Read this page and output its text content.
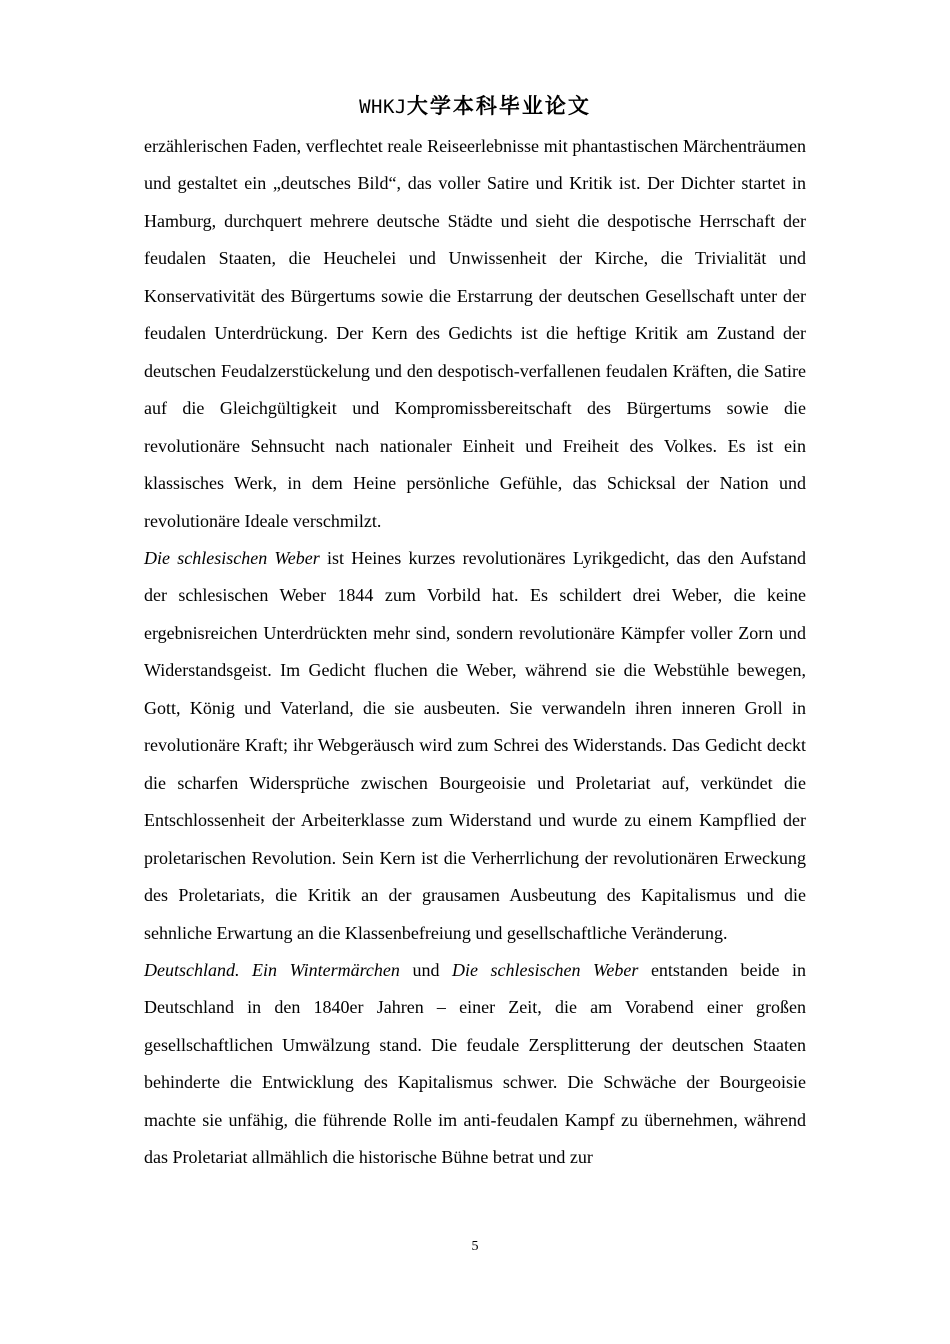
WHKJ大学本科毕业论文

erzählerischen Faden, verflechtet reale Reiseerlebnisse mit phantastischen Märchenträumen und gestaltet ein „deutsches Bild“, das voller Satire und Kritik ist. Der Dichter startet in Hamburg, durchquert mehrere deutsche Städte und sieht die despotische Herrschaft der feudalen Staaten, die Heuchelei und Unwissenheit der Kirche, die Trivialität und Konservativität des Bürgertums sowie die Erstarrung der deutschen Gesellschaft unter der feudalen Unterdrückung. Der Kern des Gedichts ist die heftige Kritik am Zustand der deutschen Feudalzerstückelung und den despotisch-verfallenen feudalen Kräften, die Satire auf die Gleichgültigkeit und Kompromissbereitschaft des Bürgertums sowie die revolutionäre Sehnsucht nach nationaler Einheit und Freiheit des Volkes. Es ist ein klassisches Werk, in dem Heine persönliche Gefühle, das Schicksal der Nation und revolutionäre Ideale verschmilzt.

Die schlesischen Weber ist Heines kurzes revolutionäres Lyrikgedicht, das den Aufstand der schlesischen Weber 1844 zum Vorbild hat. Es schildert drei Weber, die keine ergebnisreichen Unterdrückten mehr sind, sondern revolutionäre Kämpfer voller Zorn und Widerstandsgeist. Im Gedicht fluchen die Weber, während sie die Webstühle bewegen, Gott, König und Vaterland, die sie ausbeuten. Sie verwandeln ihren inneren Groll in revolutionäre Kraft; ihr Webgeräusch wird zum Schrei des Widerstands. Das Gedicht deckt die scharfen Widersprüche zwischen Bourgeoisie und Proletariat auf, verkündet die Entschlossenheit der Arbeiterklasse zum Widerstand und wurde zu einem Kampflied der proletarischen Revolution. Sein Kern ist die Verherrlichung der revolutionären Erweckung des Proletariats, die Kritik an der grausamen Ausbeutung des Kapitalismus und die sehnliche Erwartung an die Klassenbefreiung und gesellschaftliche Veränderung.

Deutschland. Ein Wintermärchen und Die schlesischen Weber entstanden beide in Deutschland in den 1840er Jahren – einer Zeit, die am Vorabend einer großen gesellschaftlichen Umwälzung stand. Die feudale Zersplitterung der deutschen Staaten behinderte die Entwicklung des Kapitalismus schwer. Die Schwäche der Bourgeoisie machte sie unfähig, die führende Rolle im anti-feudalen Kampf zu übernehmen, während das Proletariat allmählich die historische Bühne betrat und zur

5
